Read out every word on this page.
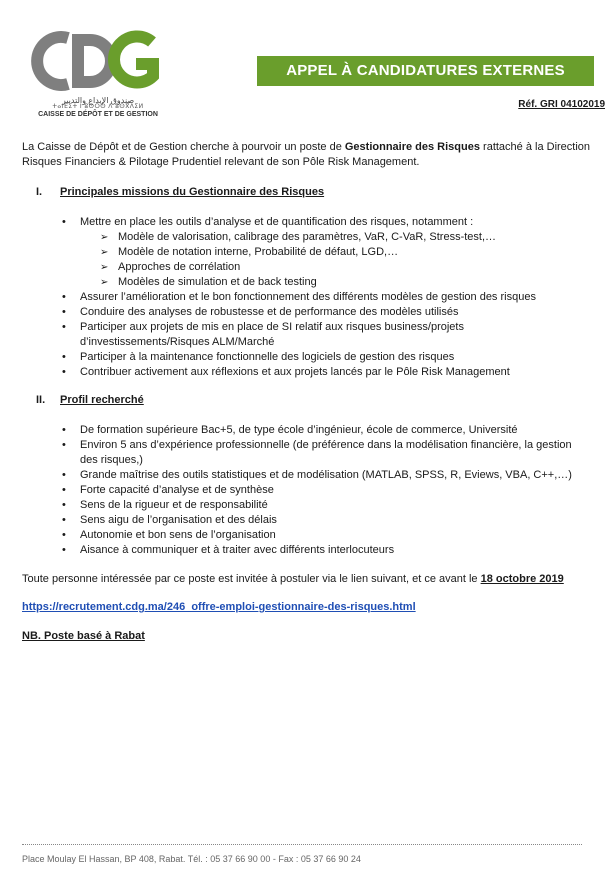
صندوق الإيداع والتدبير
ⵜⴰⵏⴹⵉⵜ ⵏ ⵓⵙⵔⵙ ⴷ ⵓⵙⴳⴷⵉⵍ
CAISSE DE DÉPÔT ET DE GESTION
APPEL À CANDIDATURES EXTERNES
Réf. GRI 04102019
La Caisse de Dépôt et de Gestion cherche à pourvoir un poste de Gestionnaire des Risques rattaché à la Direction Risques Financiers & Pilotage Prudentiel relevant de son Pôle Risk Management.
I. Principales missions du Gestionnaire des Risques
• Mettre en place les outils d’analyse et de quantification des risques, notamment :
➢ Modèle de valorisation, calibrage des paramètres, VaR, C-VaR, Stress-test,…
➢ Modèle de notation interne, Probabilité de défaut, LGD,…
➢ Approches de corrélation
➢ Modèles de simulation et de back testing
• Assurer l’amélioration et le bon fonctionnement des différents modèles de gestion des risques
• Conduire des analyses de robustesse et de performance des modèles utilisés
• Participer aux projets de mis en place de SI relatif aux risques business/projets d’investissements/Risques ALM/Marché
• Participer à la maintenance fonctionnelle des logiciels de gestion des risques
• Contribuer activement aux réflexions et aux projets lancés par le Pôle Risk Management
II. Profil recherché
• De formation supérieure Bac+5, de type école d’ingénieur, école de commerce, Université
• Environ 5 ans d’expérience professionnelle (de préférence dans la modélisation financière, la gestion des risques,)
• Grande maîtrise des outils statistiques et de modélisation (MATLAB, SPSS, R, Eviews, VBA, C++,…)
• Forte capacité d’analyse et de synthèse
• Sens de la rigueur et de responsabilité
• Sens aigu de l’organisation et des délais
• Autonomie et bon sens de l’organisation
• Aisance à communiquer et à traiter avec différents interlocuteurs
Toute personne intéressée par ce poste est invitée à postuler via le lien suivant, et ce avant le 18 octobre 2019
https://recrutement.cdg.ma/246_offre-emploi-gestionnaire-des-risques.html
NB. Poste basé à Rabat
Place Moulay El Hassan, BP 408, Rabat. Tél. : 05 37 66 90 00 - Fax : 05 37 66 90 24
